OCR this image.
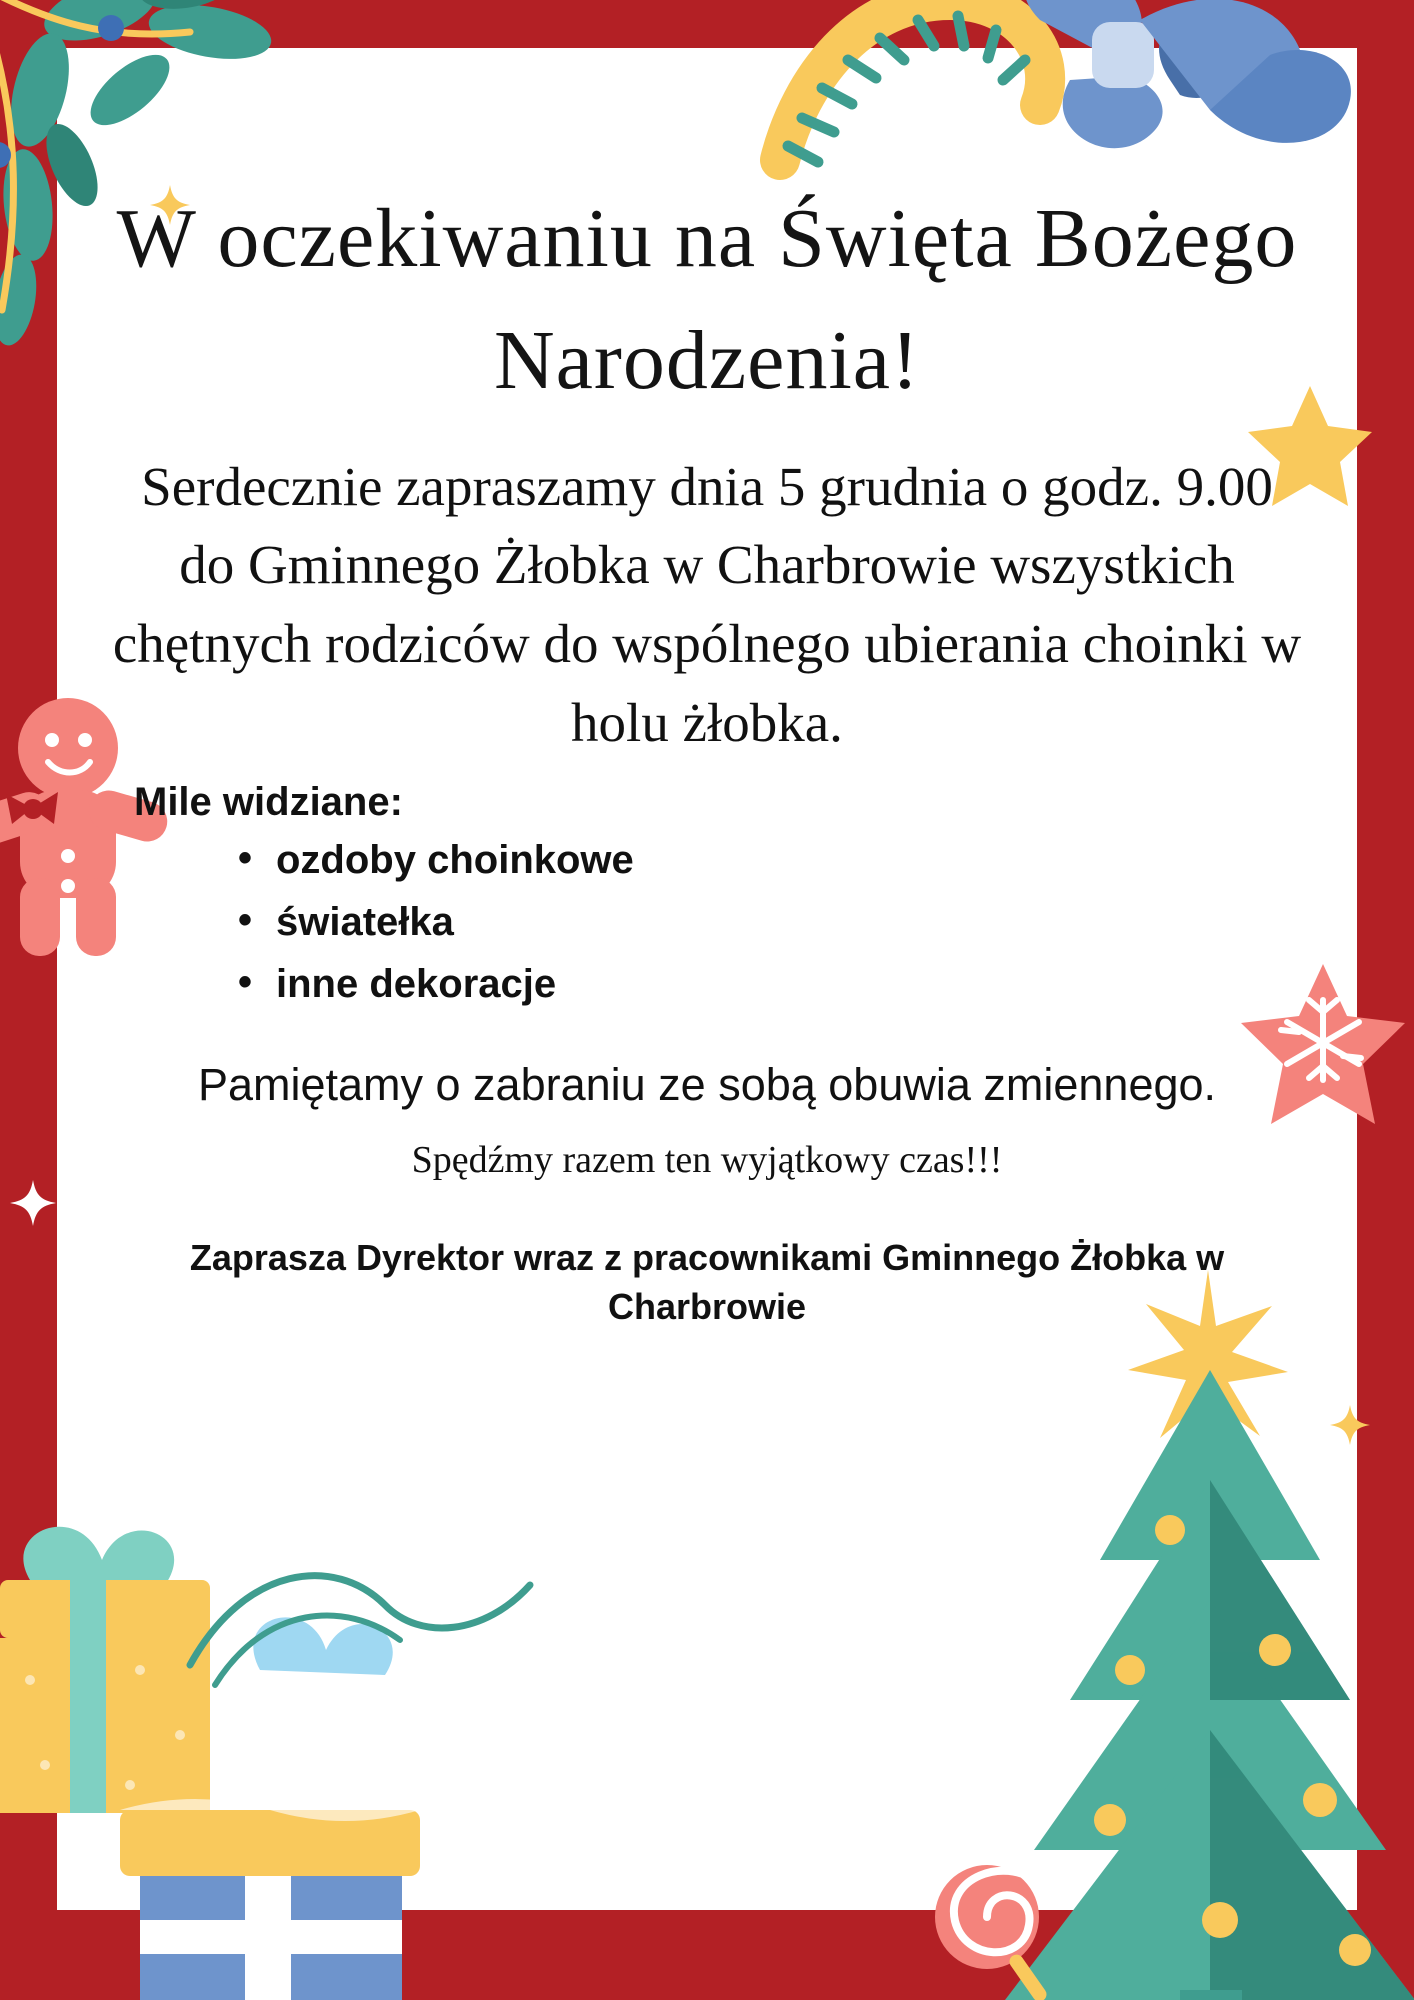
W oczekiwaniu na Święta Bożego Narodzenia!

Serdecznie zapraszamy dnia 5 grudnia o godz. 9.00 do Gminnego Żłobka w Charbrowie wszystkich chętnych rodziców do wspólnego ubierania choinki w holu żłobka.

Mile widziane:
• ozdoby choinkowe
• światełka
• inne dekoracje

Pamiętamy o zabraniu ze sobą obuwia zmiennego.

Spędźmy razem ten wyjątkowy czas!!!

Zaprasza Dyrektor wraz z pracownikami Gminnego Żłobka w Charbrowie
